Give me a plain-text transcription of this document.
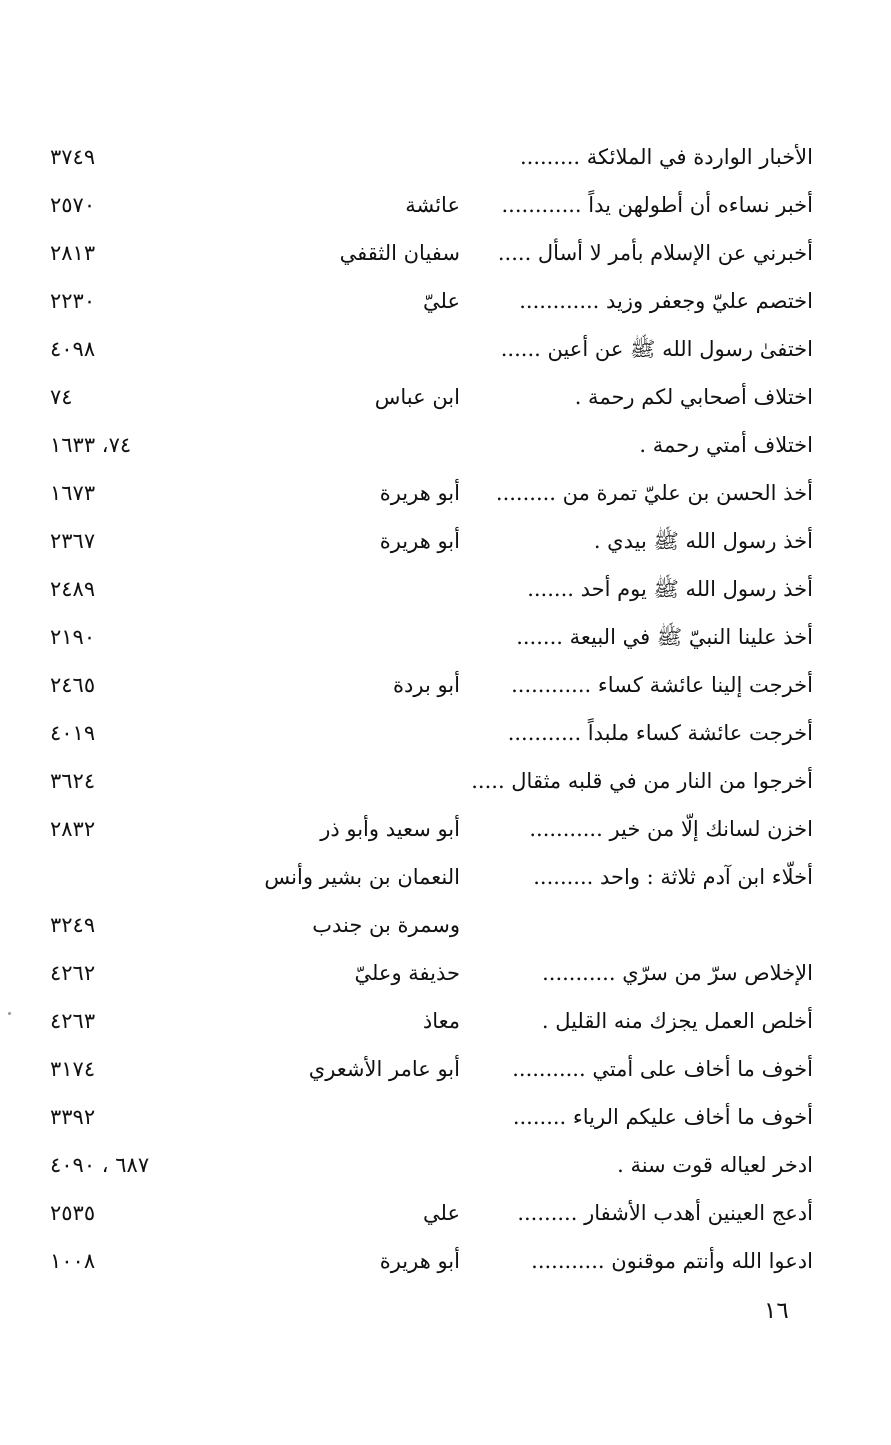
الأخبار الواردة في الملائكة .........
٣٧٤٩
أخبر نساءه أن أطولهن يداً ............
عائشة
٢٥٧٠
أخبرني عن الإسلام بأمر لا أسأل .....
سفيان الثقفي
٢٨١٣
اختصم عليّ وجعفر وزيد ............
عليّ
٢٢٣٠
اختفىٰ رسول الله ﷺ عن أعين ......
٤٠٩٨
اختلاف أصحابي لكم رحمة .
ابن عباس
٧٤
اختلاف أمتي رحمة .
٧٤، ١٦٣٣
أخذ الحسن بن عليّ تمرة من .........
أبو هريرة
١٦٧٣
أخذ رسول الله ﷺ بيدي .
أبو هريرة
٢٣٦٧
أخذ رسول الله ﷺ يوم أحد .......
٢٤٨٩
أخذ علينا النبيّ ﷺ في البيعة .......
٢١٩٠
أخرجت إلينا عائشة كساء ............
أبو بردة
٢٤٦٥
أخرجت عائشة كساء ملبداً ...........
٤٠١٩
أخرجوا من النار من في قلبه مثقال .....
٣٦٢٤
اخزن لسانك إلّا من خير ...........
أبو سعيد وأبو ذر
٢٨٣٢
أخلّاء ابن آدم ثلاثة : واحد .........
النعمان بن بشير وأنس
وسمرة بن جندب
٣٢٤٩
الإخلاص سرّ من سرّي ...........
حذيفة وعليّ
٤٢٦٢
أخلص العمل يجزك منه القليل .
معاذ
٤٢٦٣
أخوف ما أخاف على أمتي ...........
أبو عامر الأشعري
٣١٧٤
أخوف ما أخاف عليكم الرياء ........
٣٣٩٢
ادخر لعياله قوت سنة .
٦٨٧ ، ٤٠٩٠
أدعج العينين أهدب الأشفار .........
علي
٢٥٣٥
ادعوا الله وأنتم موقنون ...........
أبو هريرة
١٠٠٨
١٦
